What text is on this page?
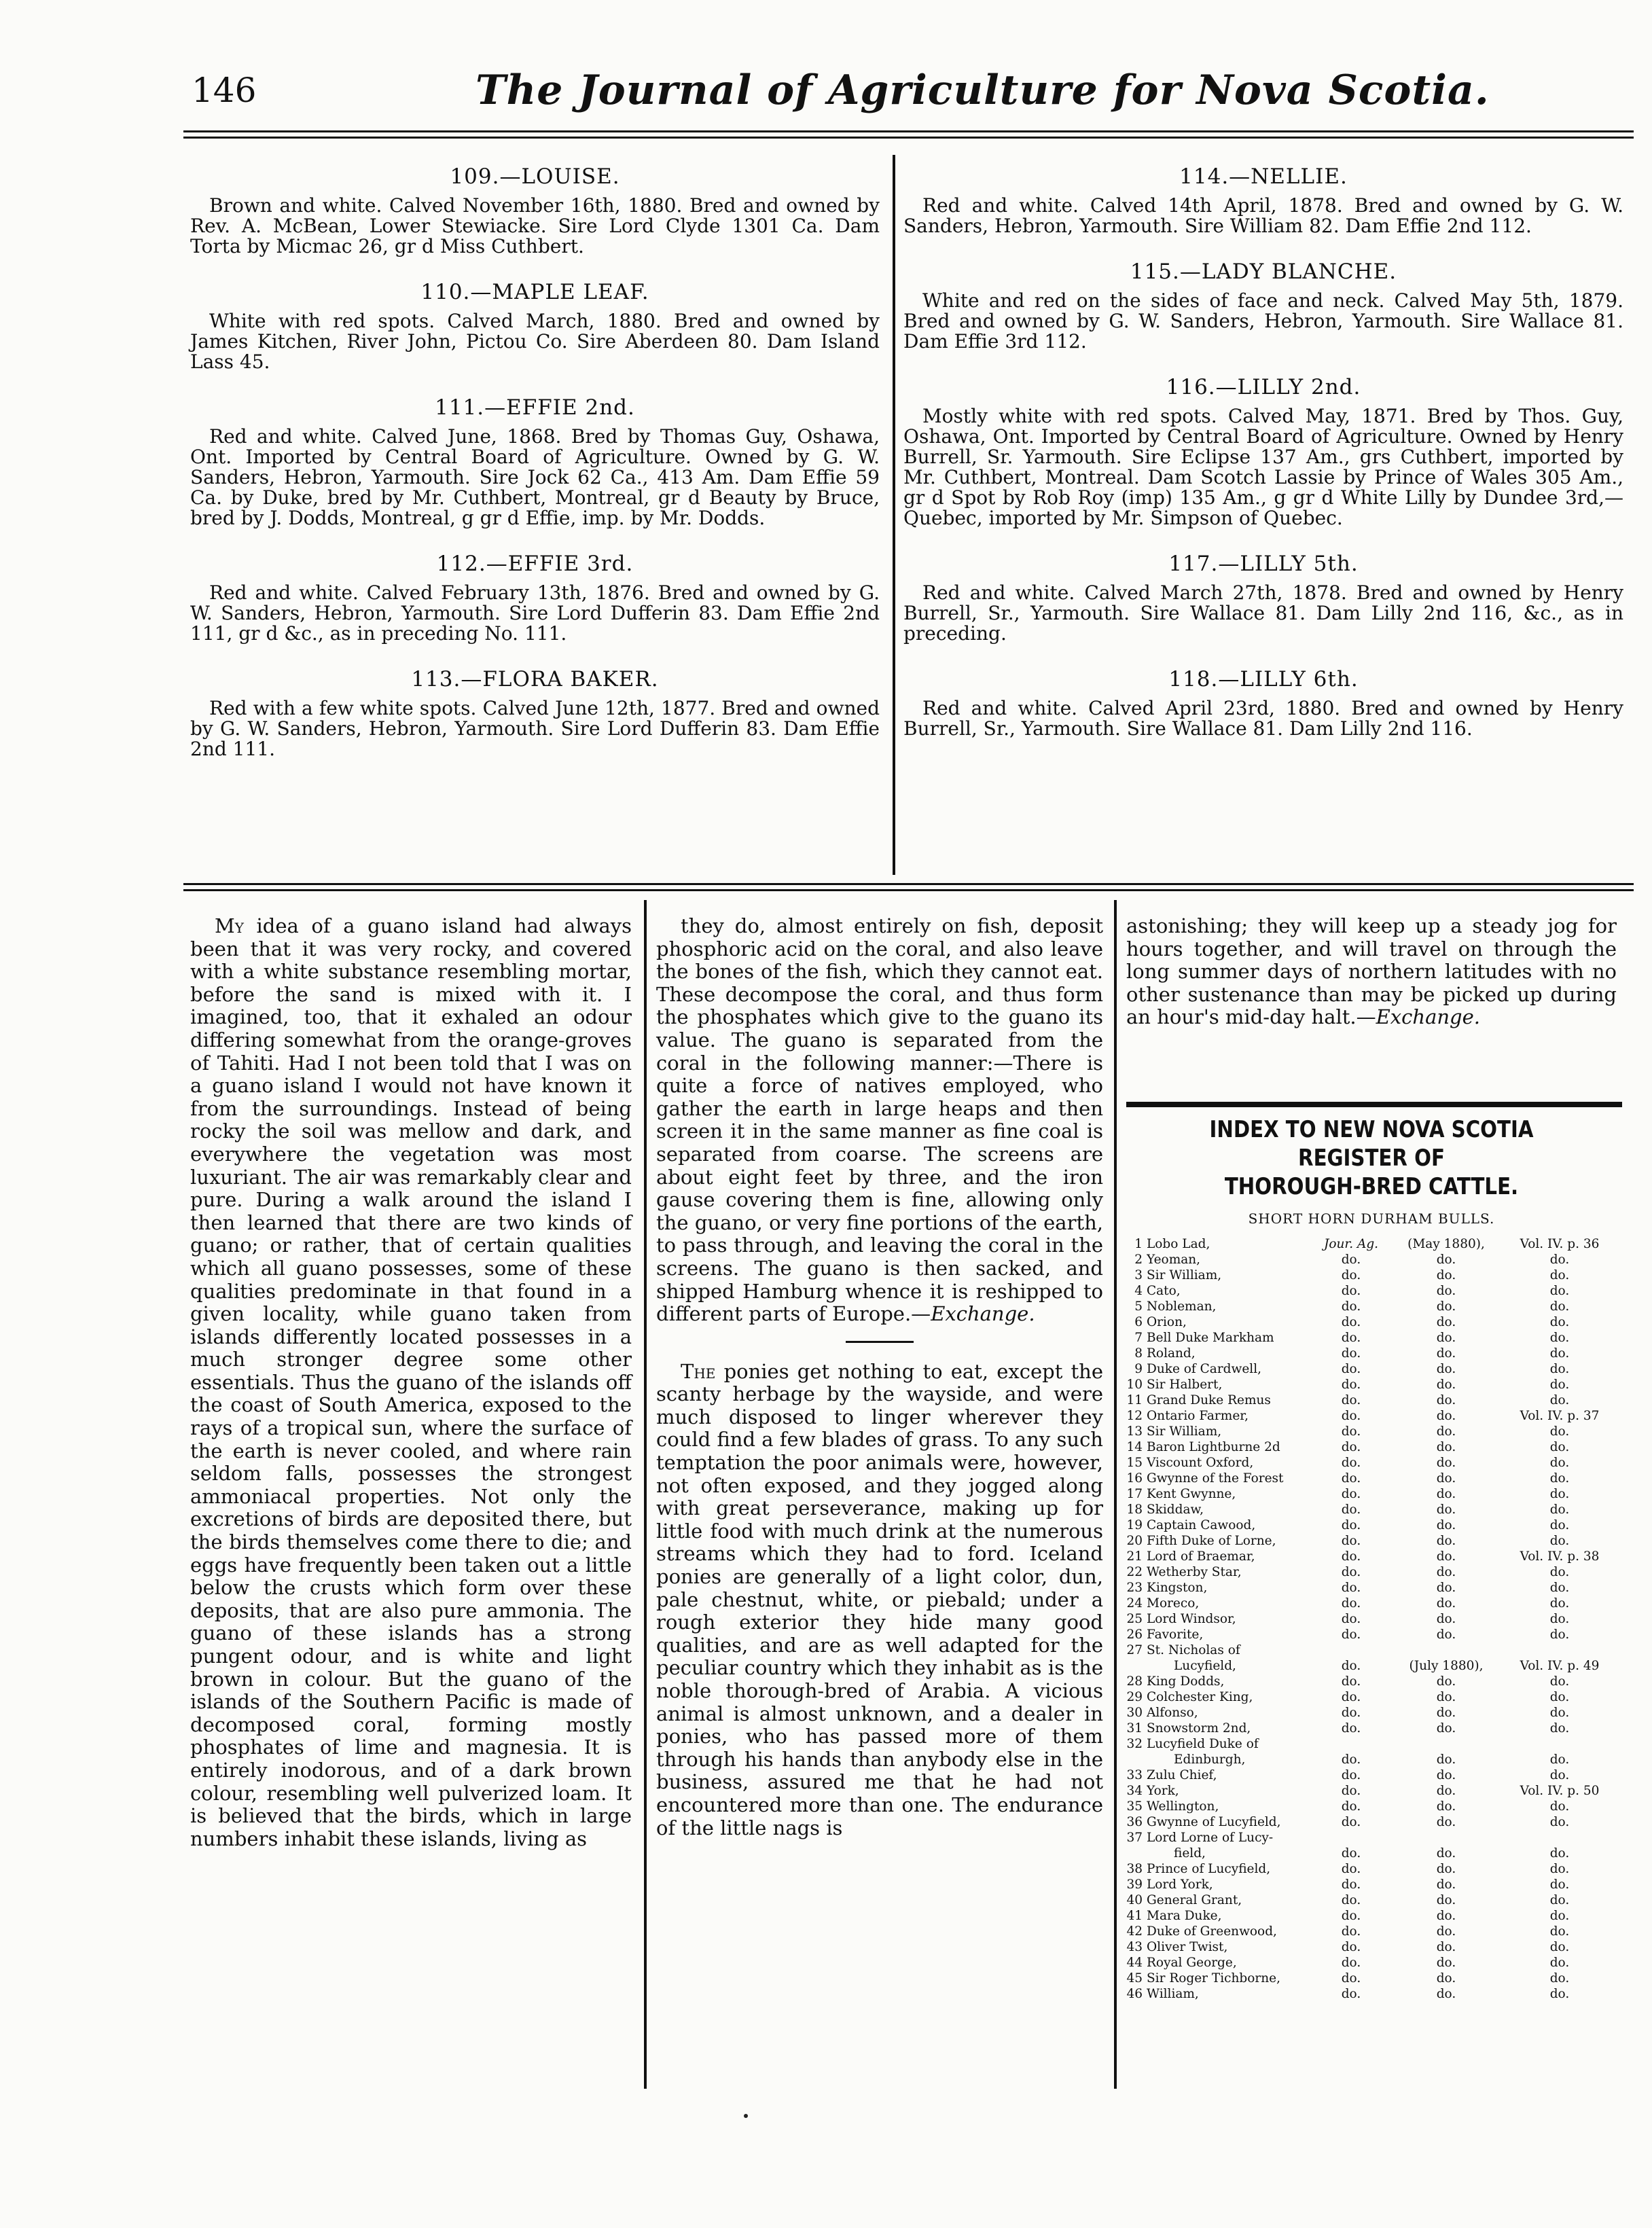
146	The Journal of Agriculture for Nova Scotia.
109.—LOUISE.
Brown and white. Calved November 16th, 1880. Bred and owned by Rev. A. McBean, Lower Stewiacke. Sire Lord Clyde 1301 Ca. Dam Torta by Micmac 26, gr d Miss Cuthbert.
110.—MAPLE LEAF.
White with red spots. Calved March, 1880. Bred and owned by James Kitchen, River John, Pictou Co. Sire Aberdeen 80. Dam Island Lass 45.
111.—EFFIE 2nd.
Red and white. Calved June, 1868. Bred by Thomas Guy, Oshawa, Ont. Imported by Central Board of Agriculture. Owned by G. W. Sanders, Hebron, Yarmouth. Sire Jock 62 Ca., 413 Am. Dam Effie 59 Ca. by Duke, bred by Mr. Cuthbert, Montreal, gr d Beauty by Bruce, bred by J. Dodds, Montreal, g gr d Effie, imp. by Mr. Dodds.
112.—EFFIE 3rd.
Red and white. Calved February 13th, 1876. Bred and owned by G. W. Sanders, Hebron, Yarmouth. Sire Lord Dufferin 83. Dam Effie 2nd 111, gr d &c., as in preceding No. 111.
113.—FLORA BAKER.
Red with a few white spots. Calved June 12th, 1877. Bred and owned by G. W. Sanders, Hebron, Yarmouth. Sire Lord Dufferin 83. Dam Effie 2nd 111.
114.—NELLIE.
Red and white. Calved 14th April, 1878. Bred and owned by G. W. Sanders, Hebron, Yarmouth. Sire William 82. Dam Effie 2nd 112.
115.—LADY BLANCHE.
White and red on the sides of face and neck. Calved May 5th, 1879. Bred and owned by G. W. Sanders, Hebron, Yarmouth. Sire Wallace 81. Dam Effie 3rd 112.
116.—LILLY 2nd.
Mostly white with red spots. Calved May, 1871. Bred by Thos. Guy, Oshawa, Ont. Imported by Central Board of Agriculture. Owned by Henry Burrell, Sr. Yarmouth. Sire Eclipse 137 Am., grs Cuthbert, imported by Mr. Cuthbert, Montreal. Dam Scotch Lassie by Prince of Wales 305 Am., gr d Spot by Rob Roy (imp) 135 Am., g gr d White Lilly by Dundee 3rd,—Quebec, imported by Mr. Simpson of Quebec.
117.—LILLY 5th.
Red and white. Calved March 27th, 1878. Bred and owned by Henry Burrell, Sr., Yarmouth. Sire Wallace 81. Dam Lilly 2nd 116, &c., as in preceding.
118.—LILLY 6th.
Red and white. Calved April 23rd, 1880. Bred and owned by Henry Burrell, Sr., Yarmouth. Sire Wallace 81. Dam Lilly 2nd 116.

My idea of a guano island had always been that it was very rocky, and covered with a white substance resembling mortar, before the sand is mixed with it. I imagined, too, that it exhaled an odour differing somewhat from the orange-groves of Tahiti. Had I not been told that I was on a guano island I would not have known it from the surroundings. Instead of being rocky the soil was mellow and dark, and everywhere the vegetation was most luxuriant. The air was remarkably clear and pure. During a walk around the island I then learned that there are two kinds of guano; or rather, that of certain qualities which all guano possesses, some of these qualities predominate in that found in a given locality, while guano taken from islands differently located possesses in a much stronger degree some other essentials. Thus the guano of the islands off the coast of South America, exposed to the rays of a tropical sun, where the surface of the earth is never cooled, and where rain seldom falls, possesses the strongest ammoniacal properties. Not only the excretions of birds are deposited there, but the birds themselves come there to die; and eggs have frequently been taken out a little below the crusts which form over these deposits, that are also pure ammonia. The guano of these islands has a strong pungent odour, and is white and light brown in colour. But the guano of the islands of the Southern Pacific is made of decomposed coral, forming mostly phosphates of lime and magnesia. It is entirely inodorous, and of a dark brown colour, resembling well pulverized loam. It is believed that the birds, which in large numbers inhabit these islands, living as

they do, almost entirely on fish, deposit phosphoric acid on the coral, and also leave the bones of the fish, which they cannot eat. These decompose the coral, and thus form the phosphates which give to the guano its value. The guano is separated from the coral in the following manner:—There is quite a force of natives employed, who gather the earth in large heaps and then screen it in the same manner as fine coal is separated from coarse. The screens are about eight feet by three, and the iron gause covering them is fine, allowing only the guano, or very fine portions of the earth, to pass through, and leaving the coral in the screens. The guano is then sacked, and shipped Hamburg whence it is reshipped to different parts of Europe.—Exchange.

The ponies get nothing to eat, except the scanty herbage by the wayside, and were much disposed to linger wherever they could find a few blades of grass. To any such temptation the poor animals were, however, not often exposed, and they jogged along with great perseverance, making up for little food with much drink at the numerous streams which they had to ford. Iceland ponies are generally of a light color, dun, pale chestnut, white, or piebald; under a rough exterior they hide many good qualities, and are as well adapted for the peculiar country which they inhabit as is the noble thorough-bred of Arabia. A vicious animal is almost unknown, and a dealer in ponies, who has passed more of them through his hands than anybody else in the business, assured me that he had not encountered more than one. The endurance of the little nags is

astonishing; they will keep up a steady jog for hours together, and will travel on through the long summer days of northern latitudes with no other sustenance than may be picked up during an hour's mid-day halt.—Exchange.

INDEX TO NEW NOVA SCOTIA REGISTER OF
THOROUGH-BRED CATTLE.
SHORT HORN DURHAM BULLS.
1	Lobo Lad,	Jour. Ag.	(May 1880),	Vol. IV. p. 36
2	Yeoman,	do.	do.	do.
3	Sir William,	do.	do.	do.
4	Cato,	do.	do.	do.
5	Nobleman,	do.	do.	do.
6	Orion,	do.	do.	do.
7	Bell Duke Markham	do.	do.	do.
8	Roland,	do.	do.	do.
9	Duke of Cardwell,	do.	do.	do.
10	Sir Halbert,	do.	do.	do.
11	Grand Duke Remus	do.	do.	do.
12	Ontario Farmer,	do.	do.	Vol. IV. p. 37
13	Sir William,	do.	do.	do.
14	Baron Lightburne 2d	do.	do.	do.
15	Viscount Oxford,	do.	do.	do.
16	Gwynne of the Forest	do.	do.	do.
17	Kent Gwynne,	do.	do.	do.
18	Skiddaw,	do.	do.	do.
19	Captain Cawood,	do.	do.	do.
20	Fifth Duke of Lorne,	do.	do.	do.
21	Lord of Braemar,	do.	do.	Vol. IV. p. 38
22	Wetherby Star,	do.	do.	do.
23	Kingston,	do.	do.	do.
24	Moreco,	do.	do.	do.
25	Lord Windsor,	do.	do.	do.
26	Favorite,	do.	do.	do.
27	St. Nicholas of			
	Lucyfield,	do.	(July 1880),	Vol. IV. p. 49
28	King Dodds,	do.	do.	do.
29	Colchester King,	do.	do.	do.
30	Alfonso,	do.	do.	do.
31	Snowstorm 2nd,	do.	do.	do.
32	Lucyfield Duke of			
	Edinburgh,	do.	do.	do.
33	Zulu Chief,	do.	do.	do.
34	York,	do.	do.	Vol. IV. p. 50
35	Wellington,	do.	do.	do.
36	Gwynne of Lucyfield,	do.	do.	do.
37	Lord Lorne of Lucy-			
	field,	do.	do.	do.
38	Prince of Lucyfield,	do.	do.	do.
39	Lord York,	do.	do.	do.
40	General Grant,	do.	do.	do.
41	Mara Duke,	do.	do.	do.
42	Duke of Greenwood,	do.	do.	do.
43	Oliver Twist,	do.	do.	do.
44	Royal George,	do.	do.	do.
45	Sir Roger Tichborne,	do.	do.	do.
46	William,	do.	do.	do.
